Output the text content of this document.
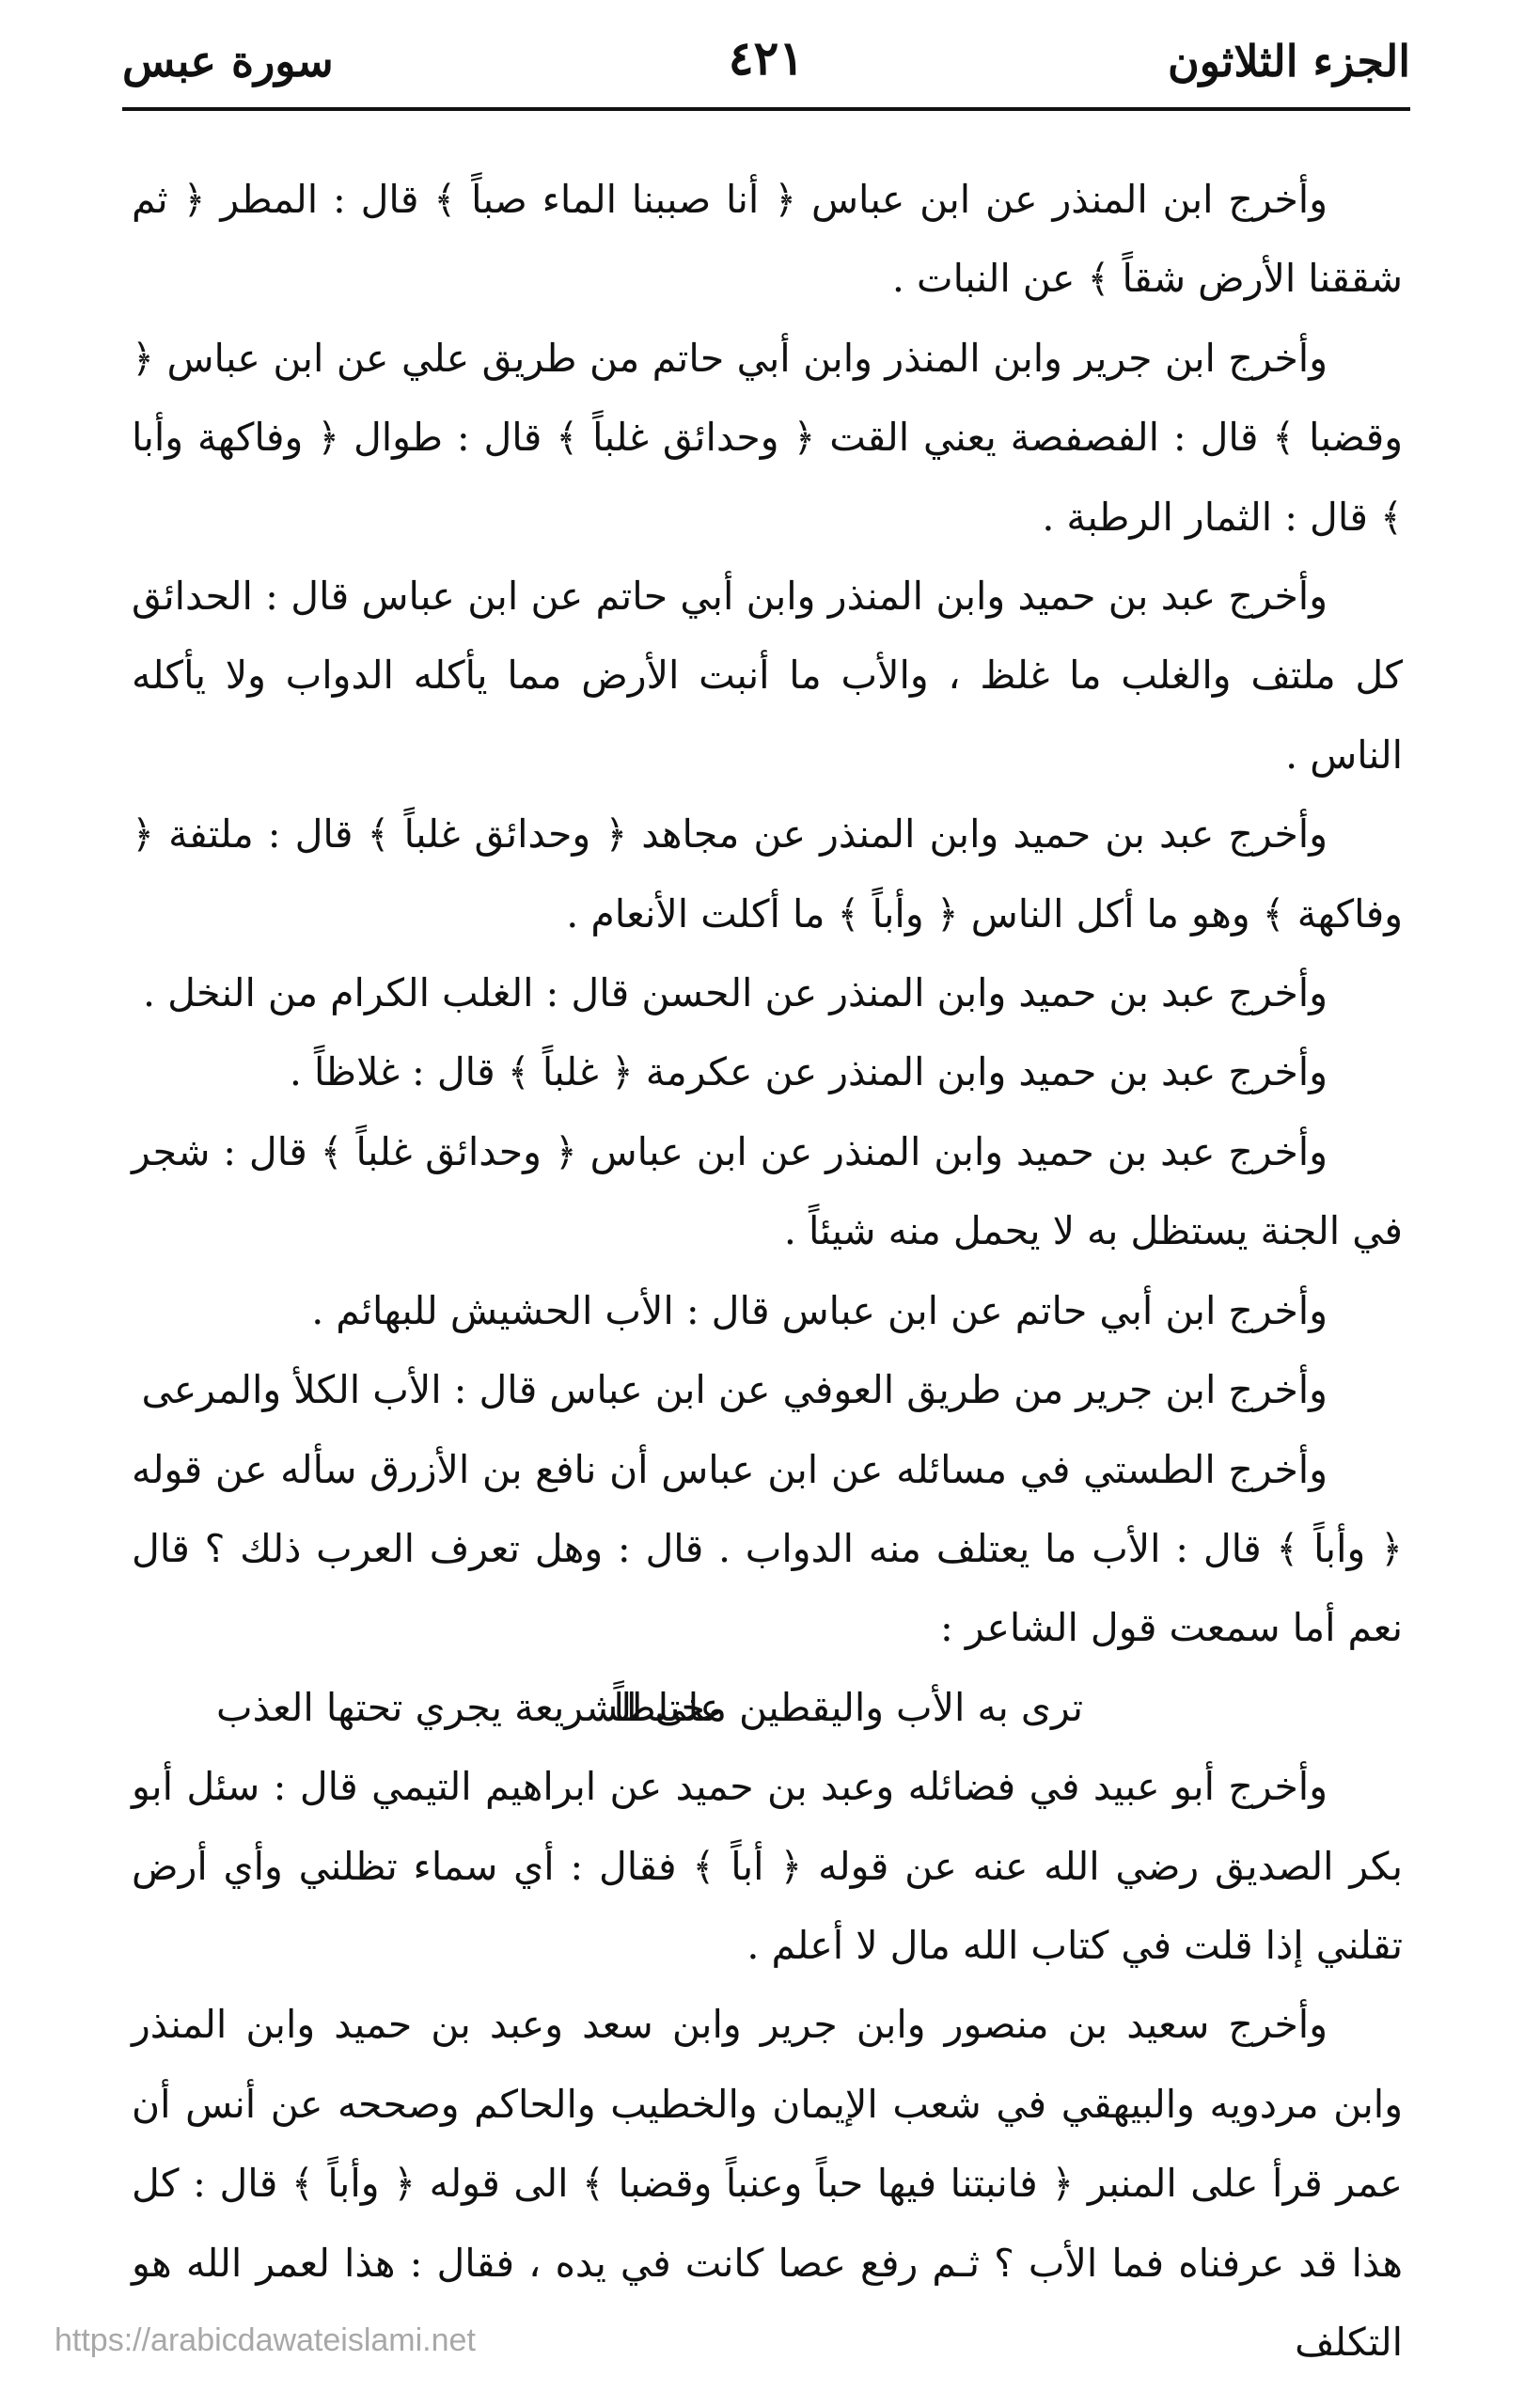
الجزء الثلاثون
٤٢١
سورة عبس

وأخرج ابن المنذر عن ابن عباس ﴿ أنا صببنا الماء صباً ﴾ قال : المطر ﴿ ثم شققنا الأرض شقاً ﴾ عن النبات .

وأخرج ابن جرير وابن المنذر وابن أبي حاتم من طريق علي عن ابن عباس ﴿ وقضبا ﴾ قال : الفصفصة يعني القت ﴿ وحدائق غلباً ﴾ قال : طوال ﴿ وفاكهة وأبا ﴾ قال : الثمار الرطبة .

وأخرج عبد بن حميد وابن المنذر وابن أبي حاتم عن ابن عباس قال : الحدائق كل ملتف والغلب ما غلظ ، والأب ما أنبت الأرض مما يأكله الدواب ولا يأكله الناس .

وأخرج عبد بن حميد وابن المنذر عن مجاهد ﴿ وحدائق غلباً ﴾ قال : ملتفة ﴿ وفاكهة ﴾ وهو ما أكل الناس ﴿ وأباً ﴾ ما أكلت الأنعام .

وأخرج عبد بن حميد وابن المنذر عن الحسن قال : الغلب الكرام من النخل .

وأخرج عبد بن حميد وابن المنذر عن عكرمة ﴿ غلباً ﴾ قال : غلاظاً .

وأخرج عبد بن حميد وابن المنذر عن ابن عباس ﴿ وحدائق غلباً ﴾ قال : شجر في الجنة يستظل به لا يحمل منه شيئاً .

وأخرج ابن أبي حاتم عن ابن عباس قال : الأب الحشيش للبهائم .

وأخرج ابن جرير من طريق العوفي عن ابن عباس قال : الأب الكلأ والمرعى

وأخرج الطستي في مسائله عن ابن عباس أن نافع بن الأزرق سأله عن قوله ﴿ وأباً ﴾ قال : الأب ما يعتلف منه الدواب . قال : وهل تعرف العرب ذلك ؟ قال نعم أما سمعت قول الشاعر :

ترى به الأب واليقطين مختلطاً
على الشريعة يجري تحتها العذب

وأخرج أبو عبيد في فضائله وعبد بن حميد عن ابراهيم التيمي قال : سئل أبو بكر الصديق رضي الله عنه عن قوله ﴿ أباً ﴾ فقال : أي سماء تظلني وأي أرض تقلني إذا قلت في كتاب الله مال لا أعلم .

وأخرج سعيد بن منصور وابن جرير وابن سعد وعبد بن حميد وابن المنذر وابن مردويه والبيهقي في شعب الإيمان والخطيب والحاكم وصححه عن أنس أن عمر قرأ على المنبر ﴿ فانبتنا فيها حباً وعنباً وقضبا ﴾ الى قوله ﴿ وأباً ﴾ قال : كل هذا قد عرفناه فما الأب ؟ ثـم رفع عصا كانت في يده ، فقال : هذا لعمر الله هو التكلف

https://arabicdawateislami.net
